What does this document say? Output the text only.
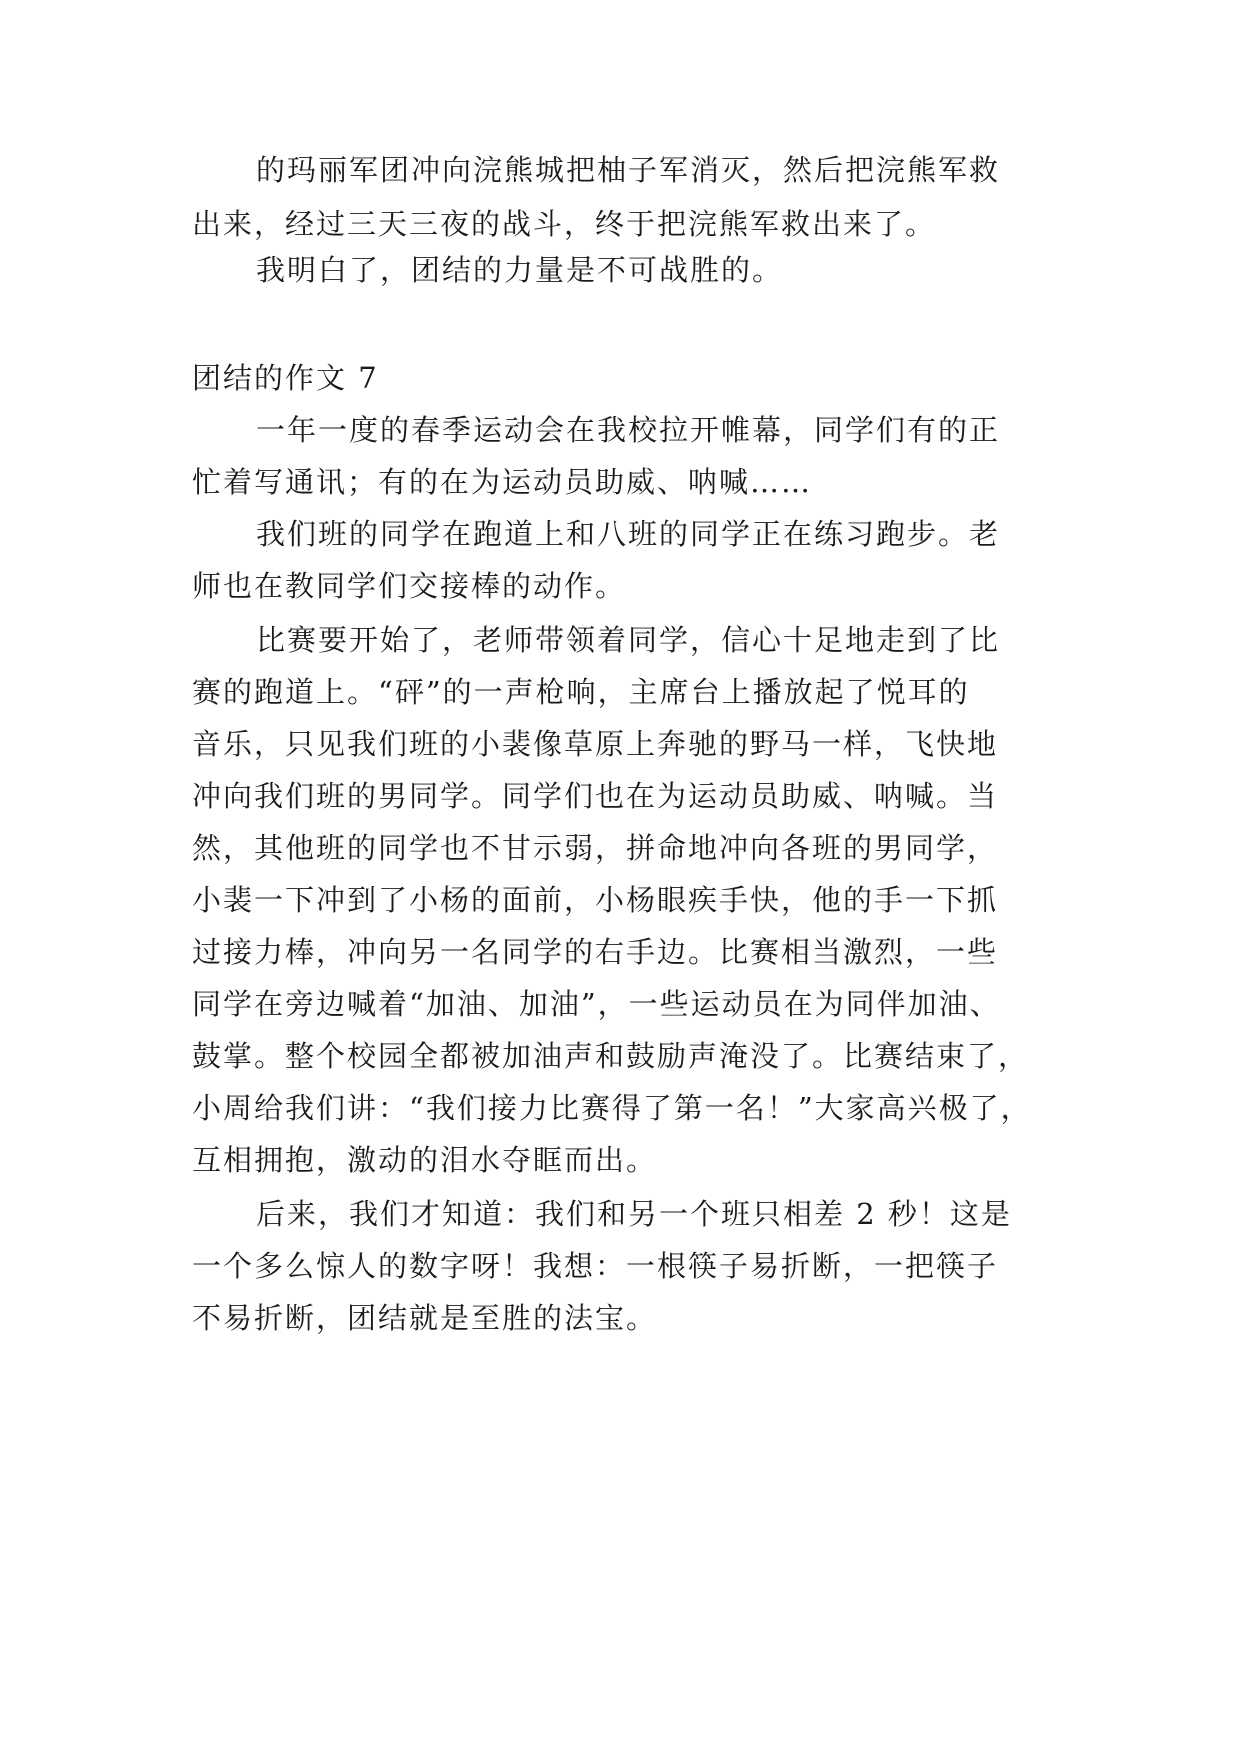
的玛丽军团冲向浣熊城把柚子军消灭，然后把浣熊军救
出来，经过三天三夜的战斗，终于把浣熊军救出来了。
我明白了，团结的力量是不可战胜的。
团结的作文 7
一年一度的春季运动会在我校拉开帷幕，同学们有的正
忙着写通讯；有的在为运动员助威、呐喊……
我们班的同学在跑道上和八班的同学正在练习跑步。老
师也在教同学们交接棒的动作。
比赛要开始了，老师带领着同学，信心十足地走到了比
赛的跑道上。“砰”的一声枪响，主席台上播放起了悦耳的
音乐，只见我们班的小裴像草原上奔驰的野马一样，飞快地
冲向我们班的男同学。同学们也在为运动员助威、呐喊。当
然，其他班的同学也不甘示弱，拼命地冲向各班的男同学，
小裴一下冲到了小杨的面前，小杨眼疾手快，他的手一下抓
过接力棒，冲向另一名同学的右手边。比赛相当激烈，一些
同学在旁边喊着“加油、加油”，一些运动员在为同伴加油、
鼓掌。整个校园全都被加油声和鼓励声淹没了。比赛结束了，
小周给我们讲：“我们接力比赛得了第一名！”大家高兴极了，
互相拥抱，激动的泪水夺眶而出。
后来，我们才知道：我们和另一个班只相差 2 秒！这是
一个多么惊人的数字呀！我想：一根筷子易折断，一把筷子
不易折断，团结就是至胜的法宝。
